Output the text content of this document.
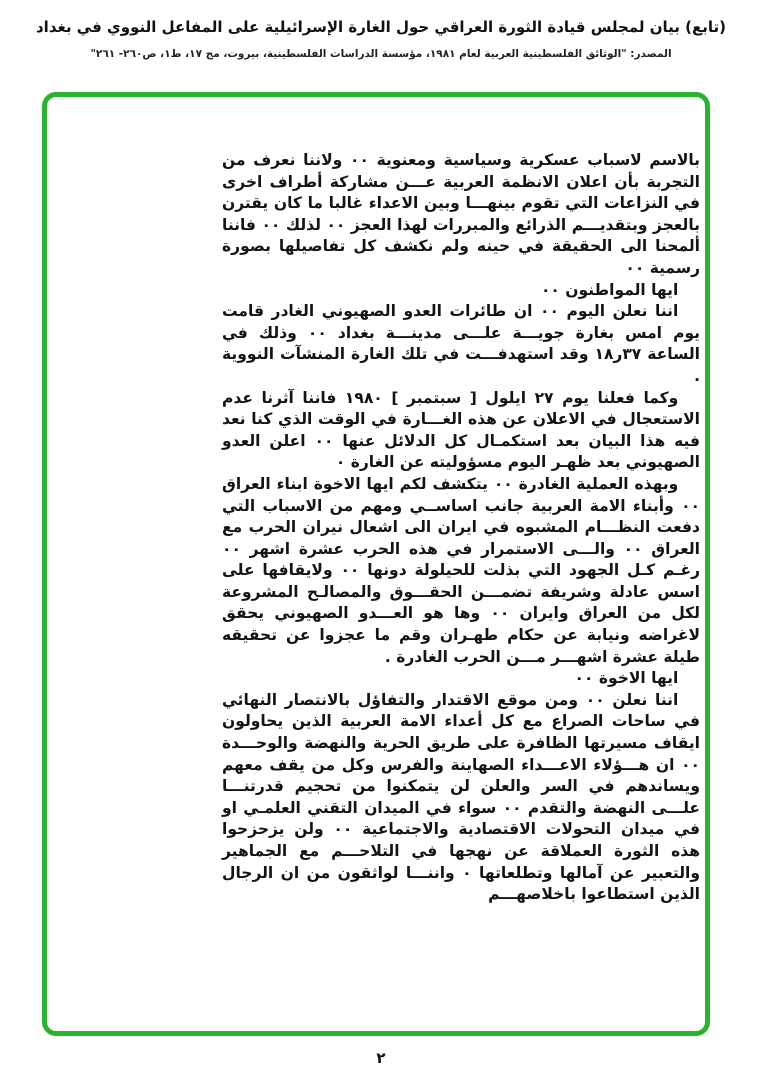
(تابع) بيان لمجلس قيادة الثورة العراقي حول الغارة الإسرائيلية على المفاعل النووي في بغداد
المصدر: "الوثائق الفلسطينية العربية لعام ١٩٨١، مؤسسة الدراسات الفلسطينية، بيروت، مج ١٧، ط١، ص٢٦٠- ٢٦١"

بالاسم لاسباب عسكرية وسياسية ومعنوية ٠٠ ولاننا نعرف من التجربة بأن اعلان الانظمة العربية عـــن مشاركة أطراف اخرى في النزاعات التي تقوم بينهـــا وبين الاعداء غالبا ما كان يقترن بالعجز وبتقديـــم الذرائع والمبررات لهذا العجز ٠٠ لذلك ٠٠ فاننا ألمحنا الى الحقيقة في حينه ولم نكشف كل تفاصيلها بصورة رسمية ٠٠

ايها المواطنون ٠٠

اننا نعلن اليوم ٠٠ ان طائرات العدو الصهيوني الغادر قامت يوم امس بغارة جويـــة علـــى مدينـــة بغداد ٠٠ وذلك في الساعة ٣٧ر١٨ وقد استهدفـــت في تلك الغارة المنشآت النووية .

وكما فعلنا يوم ٢٧ ايلول [ سبتمبر ] ١٩٨٠ فاننا آثرنا عدم الاستعجال في الاعلان عن هذه الغـــارة في الوقت الذي كنا نعد فيه هذا البيان بعد استكمـال كل الدلائل عنها ٠٠ اعلن العدو الصهيوني بعد ظهـر اليوم مسؤوليته عن الغارة ٠

وبهذه العملية الغادرة ٠٠ يتكشف لكم ايها الاخوة ابناء العراق ٠٠ وأبناء الامة العربية جانب اساســي ومهم من الاسباب التي دفعت النظـــام المشبوه في ايران الى اشعال نيران الحرب مع العراق ٠٠ والـــى الاستمرار في هذه الحرب عشرة اشهر ٠٠ رغـم كـل الجهود التي بذلت للحيلولة دونها ٠٠ ولايقافها على اسس عادلة وشريفة تضمـــن الحقـــوق والمصالـح المشروعة لكل من العراق وايران ٠٠ وها هو العـــدو الصهيوني يحقق لاغراضه ونيابة عن حكام طهـران وقم ما عجزوا عن تحقيقه طيلة عشرة اشهـــر مـــن الحرب الغادرة .

ايها الاخوة ٠٠

اننا نعلن ٠٠ ومن موقع الاقتدار والتفاؤل بالانتصار النهائي في ساحات الصراع مع كل أعداء الامة العربية الذين يحاولون ايقاف مسيرتها الظافرة على طريق الحرية والنهضة والوحـــدة ٠٠ ان هـــؤلاء الاعـــداء الصهاينة والفرس وكل من يقف معهم ويساندهم في السر والعلن لن يتمكنوا من تحجيم قدرتنـــا علـــى النهضة والتقدم ٠٠ سواء في الميدان التقني العلمـي او في ميدان التحولات الاقتصادية والاجتماعية ٠٠ ولن يزحزحوا هذه الثورة العملاقة عن نهجها في التلاحـــم مع الجماهير والتعبير عن آمالها وتطلعاتها ٠ واننـــا لواثقون من ان الرجال الذين استطاعوا باخلاصهـــم

٢
